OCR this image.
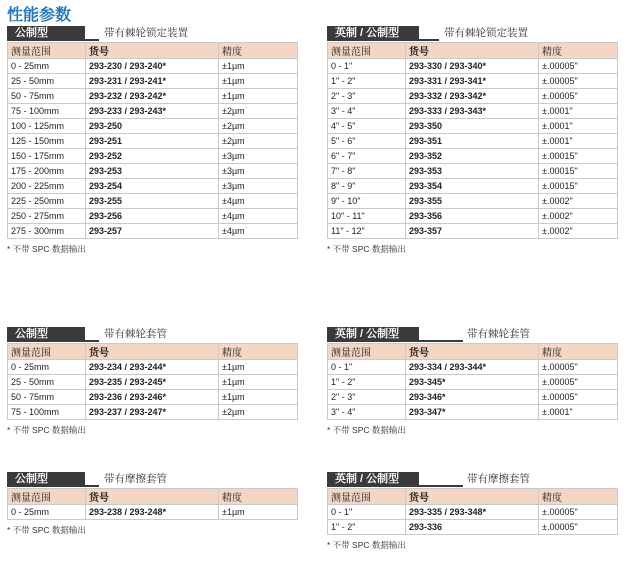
性能参数
公制型	带有棘轮锁定装置
测量范围	货号	精度
0 - 25mm	293-230 / 293-240*	±1µm
25 - 50mm	293-231 / 293-241*	±1µm
50 - 75mm	293-232 / 293-242*	±1µm
75 - 100mm	293-233 / 293-243*	±2µm
100 - 125mm	293-250	±2µm
125 - 150mm	293-251	±2µm
150 - 175mm	293-252	±3µm
175 - 200mm	293-253	±3µm
200 - 225mm	293-254	±3µm
225 - 250mm	293-255	±4µm
250 - 275mm	293-256	±4µm
275 - 300mm	293-257	±4µm
* 不带 SPC 数据输出
英制 / 公制型	带有棘轮锁定装置
测量范围	货号	精度
0 - 1"	293-330 / 293-340*	±.00005"
1" - 2"	293-331 / 293-341*	±.00005"
2" - 3"	293-332 / 293-342*	±.00005"
3" - 4"	293-333 / 293-343*	±.0001"
4" - 5"	293-350	±.0001"
5" - 6"	293-351	±.0001"
6" - 7"	293-352	±.00015"
7" - 8"	293-353	±.00015"
8" - 9"	293-354	±.00015"
9" - 10"	293-355	±.0002"
10" - 11"	293-356	±.0002"
11" - 12"	293-357	±.0002"
* 不带 SPC 数据输出
公制型	带有棘轮套管
测量范围	货号	精度
0 - 25mm	293-234 / 293-244*	±1µm
25 - 50mm	293-235 / 293-245*	±1µm
50 - 75mm	293-236 / 293-246*	±1µm
75 - 100mm	293-237 / 293-247*	±2µm
* 不带 SPC 数据输出
英制 / 公制型	带有棘轮套管
测量范围	货号	精度
0 - 1"	293-334 / 293-344*	±.00005"
1" - 2"	293-345*	±.00005"
2" - 3"	293-346*	±.00005"
3" - 4"	293-347*	±.0001"
* 不带 SPC 数据输出
公制型	带有摩擦套管
测量范围	货号	精度
0 - 25mm	293-238 / 293-248*	±1µm
* 不带 SPC 数据输出
英制 / 公制型	带有摩擦套管
测量范围	货号	精度
0 - 1"	293-335 / 293-348*	±.00005"
1" - 2"	293-336	±.00005"
* 不带 SPC 数据输出
